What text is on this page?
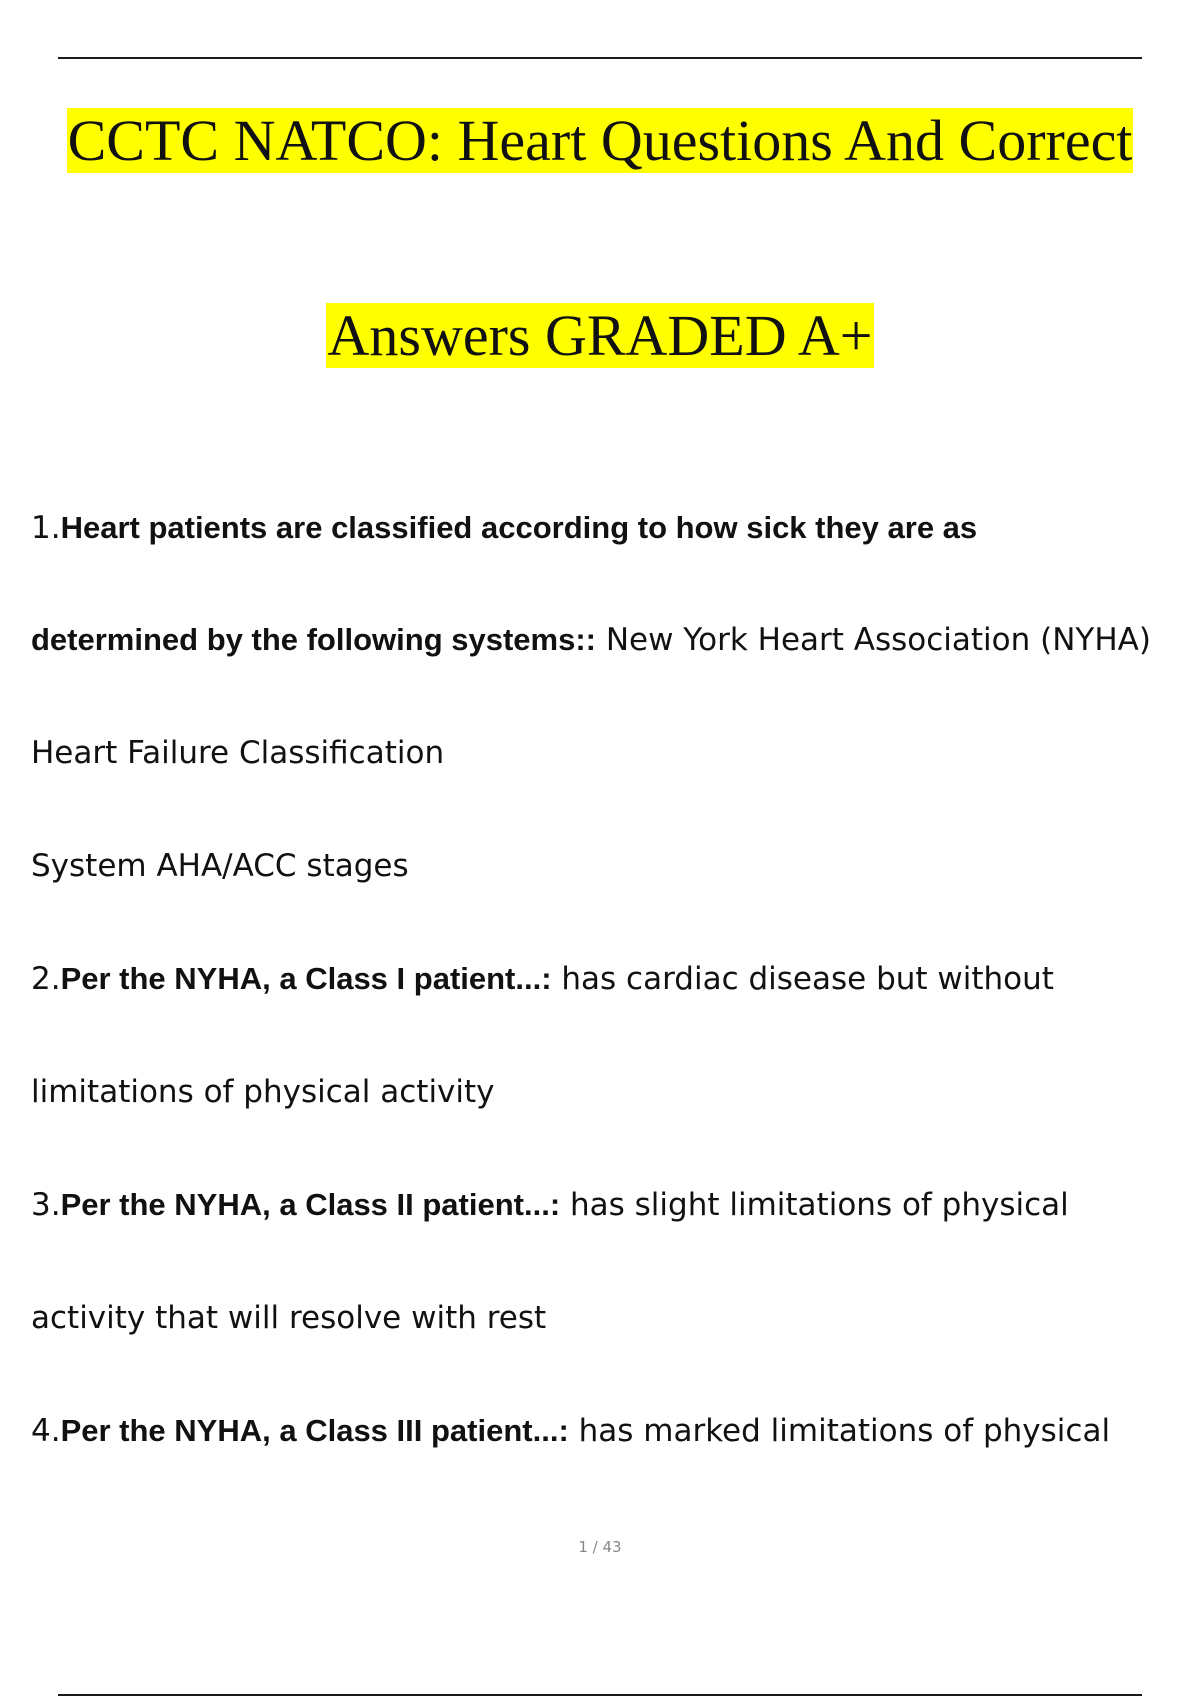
CCTC NATCO: Heart Questions And Correct
Answers GRADED A+
1.Heart patients are classified according to how sick they are as
determined by the following systems:: New York Heart Association (NYHA)
Heart Failure Classification
System AHA/ACC stages
2.Per the NYHA, a Class I patient...: has cardiac disease but without
limitations of physical activity
3.Per the NYHA, a Class II patient...: has slight limitations of physical
activity that will resolve with rest
4.Per the NYHA, a Class III patient...: has marked limitations of physical
1 / 43
